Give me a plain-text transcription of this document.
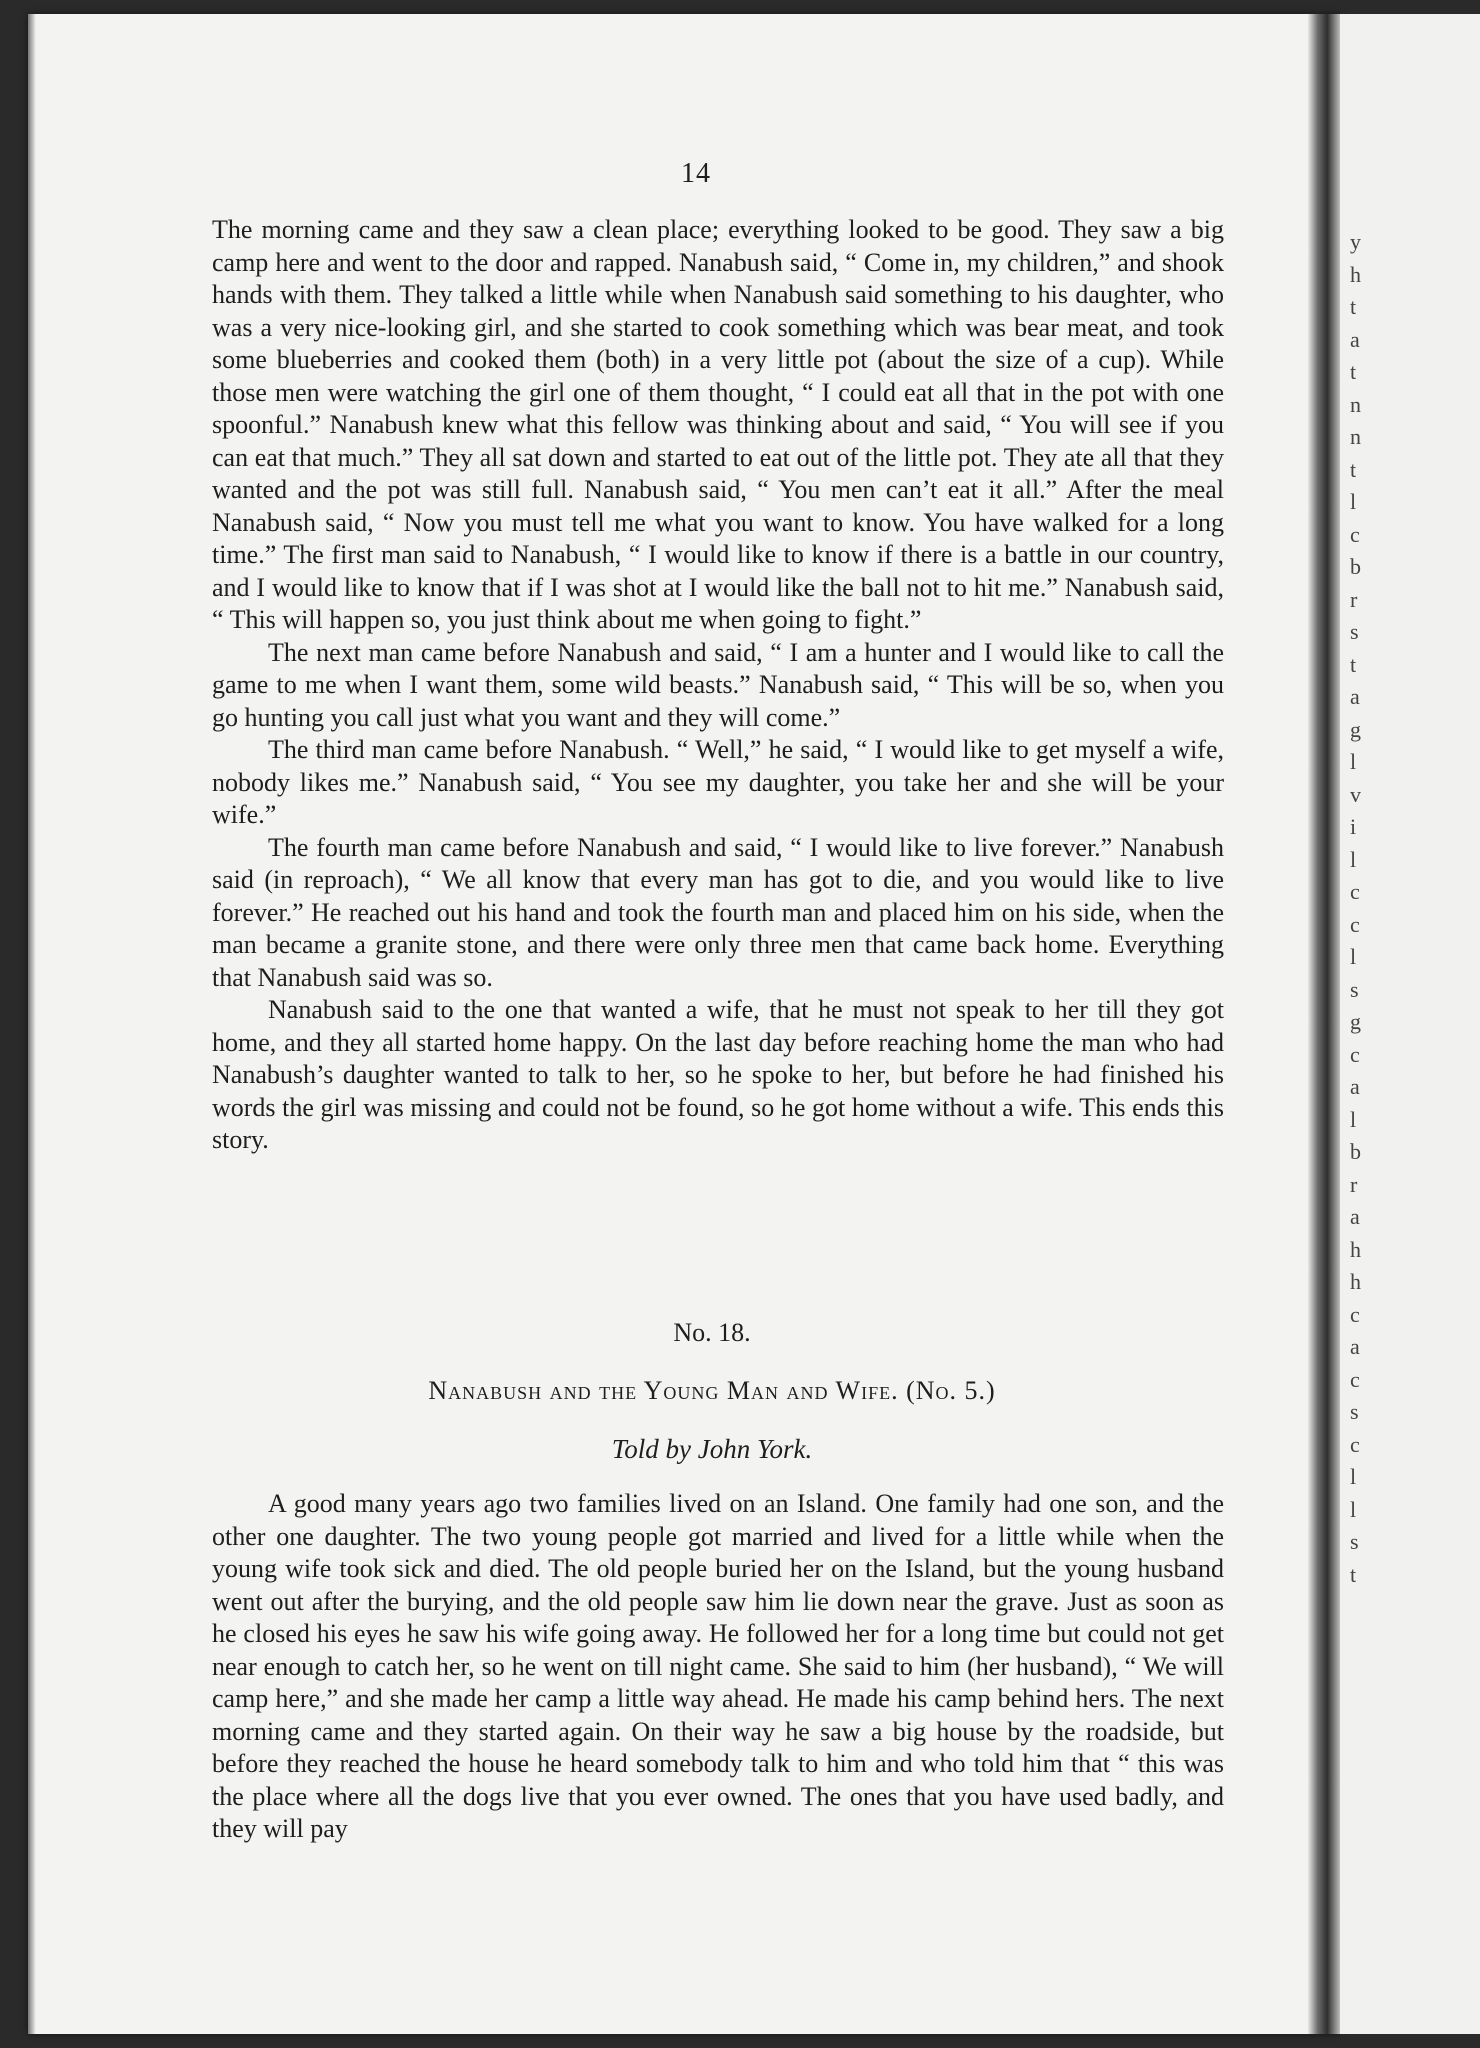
14

The morning came and they saw a clean place; everything looked to be good. They saw a big camp here and went to the door and rapped. Nanabush said, “ Come in, my children,” and shook hands with them. They talked a little while when Nanabush said something to his daughter, who was a very nice-looking girl, and she started to cook something which was bear meat, and took some blueberries and cooked them (both) in a very little pot (about the size of a cup). While those men were watching the girl one of them thought, “ I could eat all that in the pot with one spoonful.” Nanabush knew what this fellow was thinking about and said, “ You will see if you can eat that much.” They all sat down and started to eat out of the little pot. They ate all that they wanted and the pot was still full. Nanabush said, “ You men can’t eat it all.” After the meal Nanabush said, “ Now you must tell me what you want to know. You have walked for a long time.” The first man said to Nanabush, “ I would like to know if there is a battle in our country, and I would like to know that if I was shot at I would like the ball not to hit me.” Nanabush said, “ This will happen so, you just think about me when going to fight.”

The next man came before Nanabush and said, “ I am a hunter and I would like to call the game to me when I want them, some wild beasts.” Nanabush said, “ This will be so, when you go hunting you call just what you want and they will come.”

The third man came before Nanabush. “ Well,” he said, “ I would like to get myself a wife, nobody likes me.” Nanabush said, “ You see my daughter, you take her and she will be your wife.”

The fourth man came before Nanabush and said, “ I would like to live forever.” Nanabush said (in reproach), “ We all know that every man has got to die, and you would like to live forever.” He reached out his hand and took the fourth man and placed him on his side, when the man became a granite stone, and there were only three men that came back home. Everything that Nanabush said was so.

Nanabush said to the one that wanted a wife, that he must not speak to her till they got home, and they all started home happy. On the last day before reaching home the man who had Nanabush’s daughter wanted to talk to her, so he spoke to her, but before he had finished his words the girl was missing and could not be found, so he got home without a wife. This ends this story.

No. 18.
Nanabush and the Young Man and Wife. (No. 5.)
Told by John York.

A good many years ago two families lived on an Island. One family had one son, and the other one daughter. The two young people got married and lived for a little while when the young wife took sick and died. The old people buried her on the Island, but the young husband went out after the burying, and the old people saw him lie down near the grave. Just as soon as he closed his eyes he saw his wife going away. He followed her for a long time but could not get near enough to catch her, so he went on till night came. She said to him (her husband), “ We will camp here,” and she made her camp a little way ahead. He made his camp behind hers. The next morning came and they started again. On their way he saw a big house by the roadside, but before they reached the house he heard somebody talk to him and who told him that “ this was the place where all the dogs live that you ever owned. The ones that you have used badly, and they will pay

y
h
t
a
t
n
n
t
l
c
b
r
s
t
a
g
l
v
i
l
c
c
l
s
g
c
a
l
b
r
a
h
h
c
a
c
s
c
l
l
s
t
